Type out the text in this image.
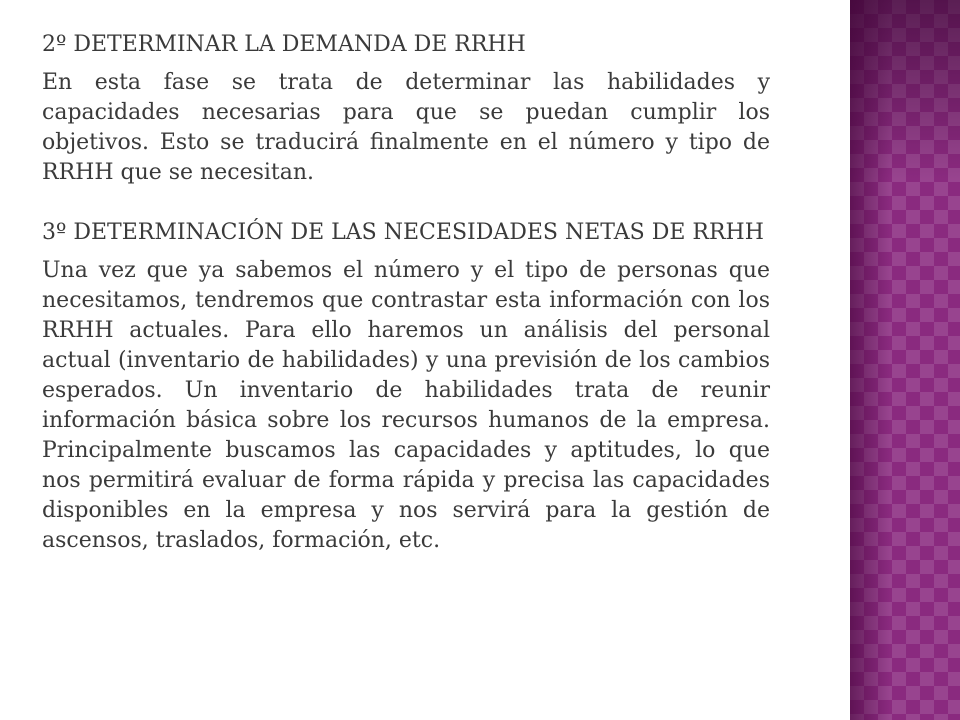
2º DETERMINAR LA DEMANDA DE RRHH

En esta fase se trata de determinar las habilidades y capacidades necesarias para que se puedan cumplir los objetivos. Esto se traducirá finalmente en el número y tipo de RRHH que se necesitan.

3º DETERMINACIÓN DE LAS NECESIDADES NETAS DE RRHH

Una vez que ya sabemos el número y el tipo de personas que necesitamos, tendremos que contrastar esta información con los RRHH actuales. Para ello haremos un análisis del personal actual (inventario de habilidades) y una previsión de los cambios esperados. Un inventario de habilidades trata de reunir información básica sobre los recursos humanos de la empresa. Principalmente buscamos las capacidades y aptitudes, lo que nos permitirá evaluar de forma rápida y precisa las capacidades disponibles en la empresa y nos servirá para la gestión de ascensos, traslados, formación, etc.
